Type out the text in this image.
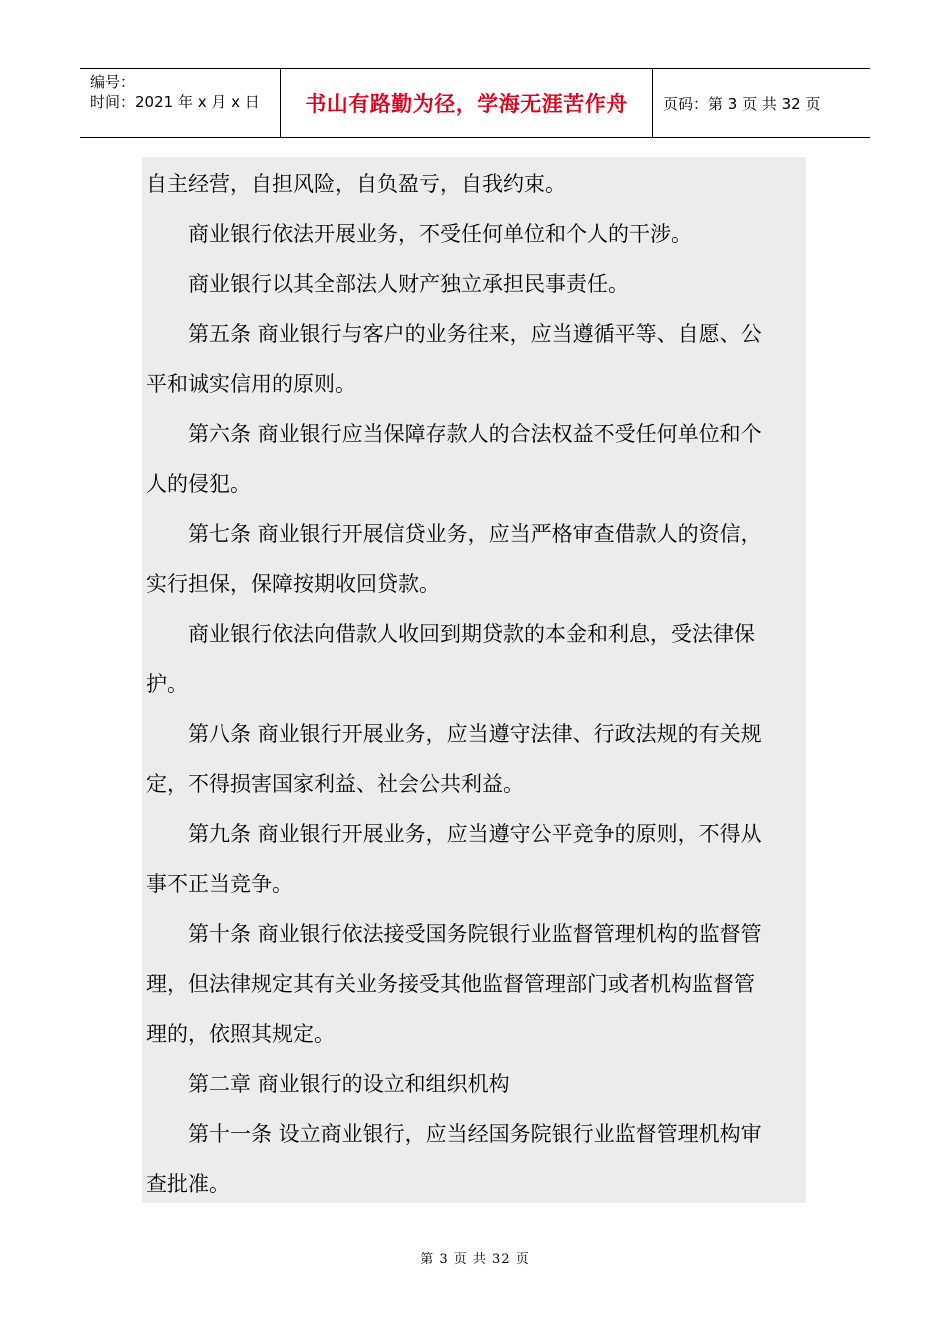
编号：
时间：2021 年 x 月 x 日 书山有路勤为径，学海无涯苦作舟 页码：第 3 页 共 32 页
自主经营，自担风险，自负盈亏，自我约束。
商业银行依法开展业务，不受任何单位和个人的干涉。
商业银行以其全部法人财产独立承担民事责任。
第五条 商业银行与客户的业务往来，应当遵循平等、自愿、公
平和诚实信用的原则。
第六条 商业银行应当保障存款人的合法权益不受任何单位和个
人的侵犯。
第七条 商业银行开展信贷业务，应当严格审查借款人的资信，
实行担保，保障按期收回贷款。
商业银行依法向借款人收回到期贷款的本金和利息，受法律保
护。
第八条 商业银行开展业务，应当遵守法律、行政法规的有关规
定，不得损害国家利益、社会公共利益。
第九条 商业银行开展业务，应当遵守公平竞争的原则，不得从
事不正当竞争。
第十条 商业银行依法接受国务院银行业监督管理机构的监督管
理，但法律规定其有关业务接受其他监督管理部门或者机构监督管
理的，依照其规定。
第二章 商业银行的设立和组织机构
第十一条 设立商业银行，应当经国务院银行业监督管理机构审
查批准。
第 3 页 共 32 页
